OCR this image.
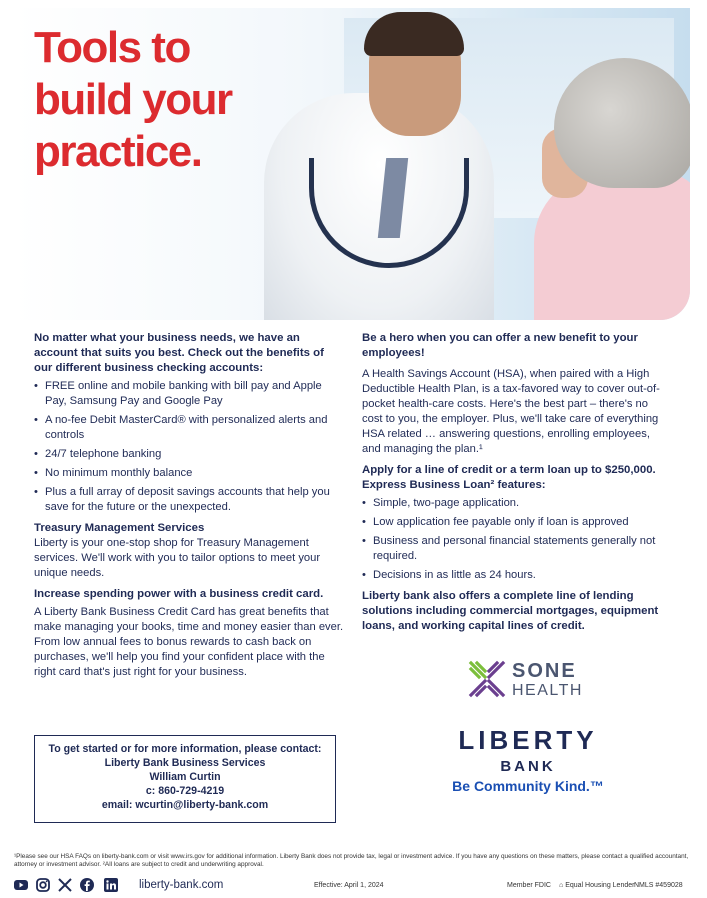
Tools to
build your
practice.

No matter what your business needs, we have an account that suits you best. Check out the benefits of our different business checking accounts:

• FREE online and mobile banking with bill pay and Apple Pay, Samsung Pay and Google Pay
• A no-fee Debit MasterCard® with personalized alerts and controls
• 24/7 telephone banking
• No minimum monthly balance
• Plus a full array of deposit savings accounts that help you save for the future or the unexpected.

Treasury Management Services

Liberty is your one-stop shop for Treasury Management services. We'll work with you to tailor options to meet your unique needs.

Increase spending power with a business credit card.

A Liberty Bank Business Credit Card has great benefits that make managing your books, time and money easier than ever. From low annual fees to bonus rewards to cash back on purchases, we'll help you find your confident place with the right card that's just right for your business.

Be a hero when you can offer a new benefit to your employees!

A Health Savings Account (HSA), when paired with a High Deductible Health Plan, is a tax-favored way to cover out-of-pocket health-care costs. Here's the best part – there's no cost to you, the employer. Plus, we'll take care of everything HSA related … answering questions, enrolling employees, and managing the plan.¹

Apply for a line of credit or a term loan up to $250,000. Express Business Loan² features:

• Simple, two-page application.
• Low application fee payable only if loan is approved
• Business and personal financial statements generally not required.
• Decisions in as little as 24 hours.

Liberty bank also offers a complete line of lending solutions including commercial mortgages, equipment loans, and working capital lines of credit.

To get started or for more information, please contact:
Liberty Bank Business Services
William Curtin
c: 860-729-4219
email: wcurtin@liberty-bank.com
SONE
HEALTH
LIBERTY
BANK
Be Community Kind.™

¹Please see our HSA FAQs on liberty-bank.com or visit www.irs.gov for additional information. Liberty Bank does not provide tax, legal or investment advice. If you have any questions on these matters, please contact a qualified accountant, attorney or investment advisor. ²All loans are subject to credit and underwriting approval.

liberty-bank.com	Effective: April 1, 2024	Member FDIC ⌂ Equal Housing Lender NMLS #459028
